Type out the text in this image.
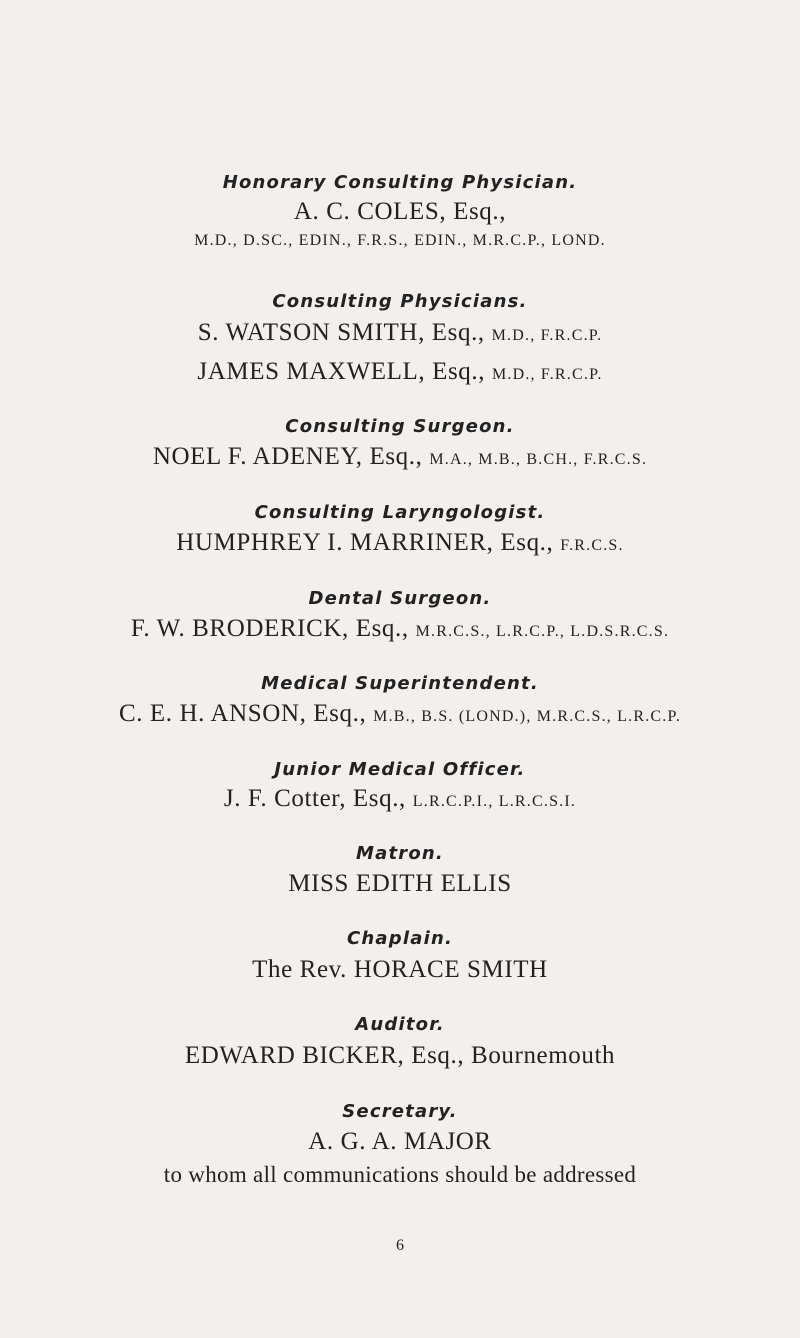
Honorary Consulting Physician.
A. C. COLES, Esq.,
M.D., D.SC., EDIN., F.R.S., EDIN., M.R.C.P., LOND.
Consulting Physicians.
S. WATSON SMITH, Esq., M.D., F.R.C.P.
JAMES MAXWELL, Esq., M.D., F.R.C.P.
Consulting Surgeon.
NOEL F. ADENEY, Esq., M.A., M.B., B.CH., F.R.C.S.
Consulting Laryngologist.
HUMPHREY I. MARRINER, Esq., F.R.C.S.
Dental Surgeon.
F. W. BRODERICK, Esq., M.R.C.S., L.R.C.P., L.D.S.R.C.S.
Medical Superintendent.
C. E. H. ANSON, Esq., M.B., B.S. (LOND.), M.R.C.S., L.R.C.P.
Junior Medical Officer.
J. F. Cotter, Esq., L.R.C.P.I., L.R.C.S.I.
Matron.
MISS EDITH ELLIS
Chaplain.
The Rev. HORACE SMITH
Auditor.
EDWARD BICKER, Esq., Bournemouth
Secretary.
A. G. A. MAJOR
to whom all communications should be addressed
6
